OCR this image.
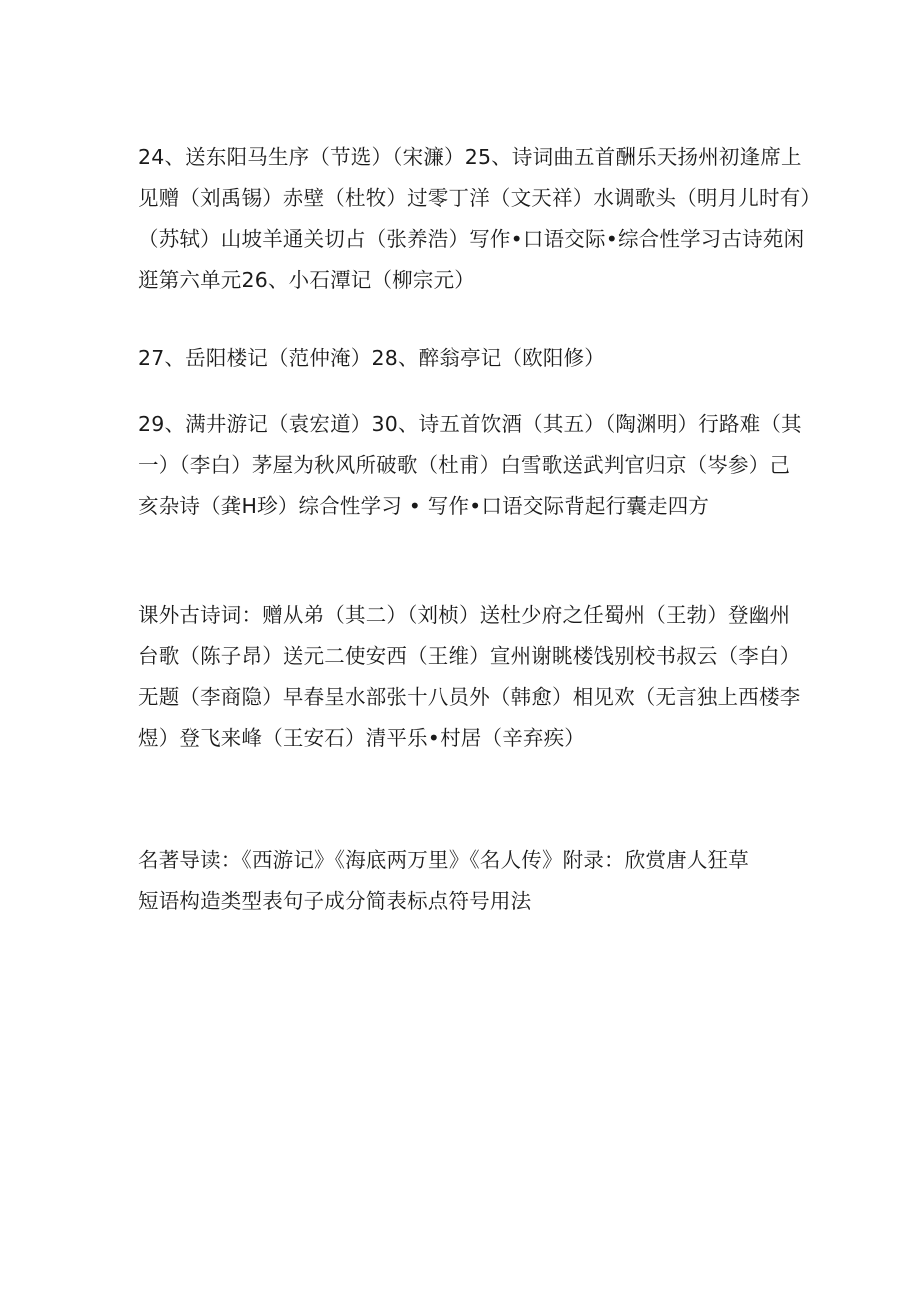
24、送东阳马生序（节选）（宋濂）25、诗词曲五首酬乐天扬州初逢席上
见赠（刘禹锡）赤壁（杜牧）过零丁洋（文天祥）水调歌头（明月儿时有）
（苏轼）山坡羊通关切占（张养浩）写作•口语交际•综合性学习古诗苑闲
逛第六单元26、小石潭记（柳宗元）
27、岳阳楼记（范仲淹）28、醉翁亭记（欧阳修）
29、满井游记（袁宏道）30、诗五首饮酒（其五）（陶渊明）行路难（其
一）（李白）茅屋为秋风所破歌（杜甫）白雪歌送武判官归京（岑参）己
亥杂诗（龚H珍）综合性学习 • 写作•口语交际背起行囊走四方
课外古诗词：赠从弟（其二）（刘桢）送杜少府之任蜀州（王勃）登幽州
台歌（陈子昂）送元二使安西（王维）宣州谢眺楼饯别校书叔云（李白）
无题（李商隐）早春呈水部张十八员外（韩愈）相见欢（无言独上西楼李
煜）登飞来峰（王安石）清平乐•村居（辛弃疾）
名著导读：《西游记》《海底两万里》《名人传》附录：欣赏唐人狂草
短语构造类型表句子成分简表标点符号用法
